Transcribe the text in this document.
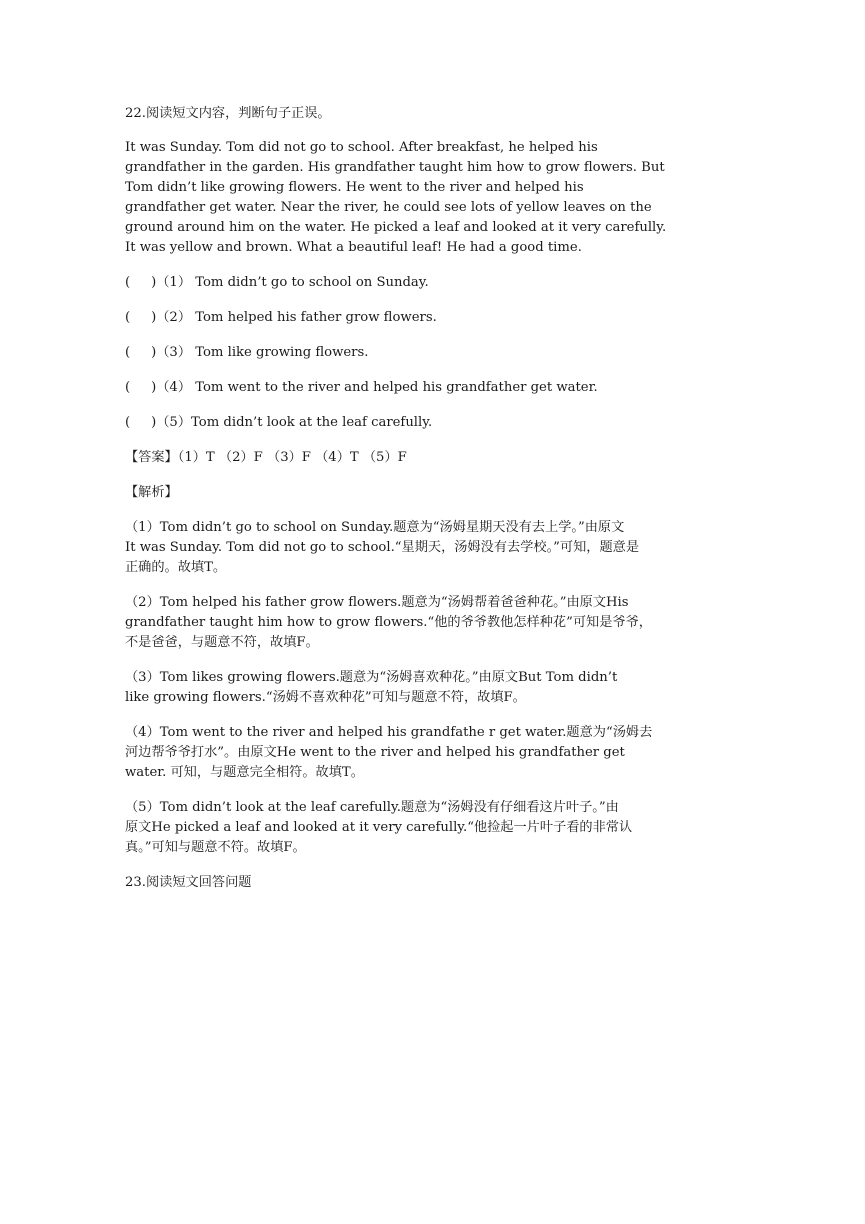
22.阅读短文内容，判断句子正误。

It was Sunday. Tom did not go to school. After breakfast, he helped his
grandfather in the garden. His grandfather taught him how to grow flowers. But
Tom didn’t like growing flowers. He went to the river and helped his
grandfather get water. Near the river, he could see lots of yellow leaves on the
ground around him on the water. He picked a leaf and looked at it very carefully.
It was yellow and brown. What a beautiful leaf! He had a good time.

(     )（1） Tom didn’t go to school on Sunday.

(     )（2） Tom helped his father grow flowers.

(     )（3） Tom like growing flowers.

(     )（4） Tom went to the river and helped his grandfather get water.

(     )（5）Tom didn’t look at the leaf carefully.

【答案】（1）T （2）F （3）F （4）T （5）F

【解析】

（1）Tom didn’t go to school on Sunday.题意为“汤姆星期天没有去上学。”由原文
It was Sunday. Tom did not go to school.“星期天，汤姆没有去学校。”可知，题意是
正确的。故填T。
（2）Tom helped his father grow flowers.题意为“汤姆帮着爸爸种花。”由原文His
grandfather taught him how to grow flowers.“他的爷爷教他怎样种花”可知是爷爷，
不是爸爸，与题意不符，故填F。
（3）Tom likes growing flowers.题意为“汤姆喜欢种花。”由原文But Tom didn’t
like growing flowers.“汤姆不喜欢种花”可知与题意不符，故填F。
（4）Tom went to the river and helped his grandfathe r get water.题意为“汤姆去
河边帮爷爷打水”。由原文He went to the river and helped his grandfather get
water. 可知，与题意完全相符。故填T。
（5）Tom didn’t look at the leaf carefully.题意为“汤姆没有仔细看这片叶子。”由
原文He picked a leaf and looked at it very carefully.“他捡起一片叶子看的非常认
真。”可知与题意不符。故填F。

23.阅读短文回答问题
